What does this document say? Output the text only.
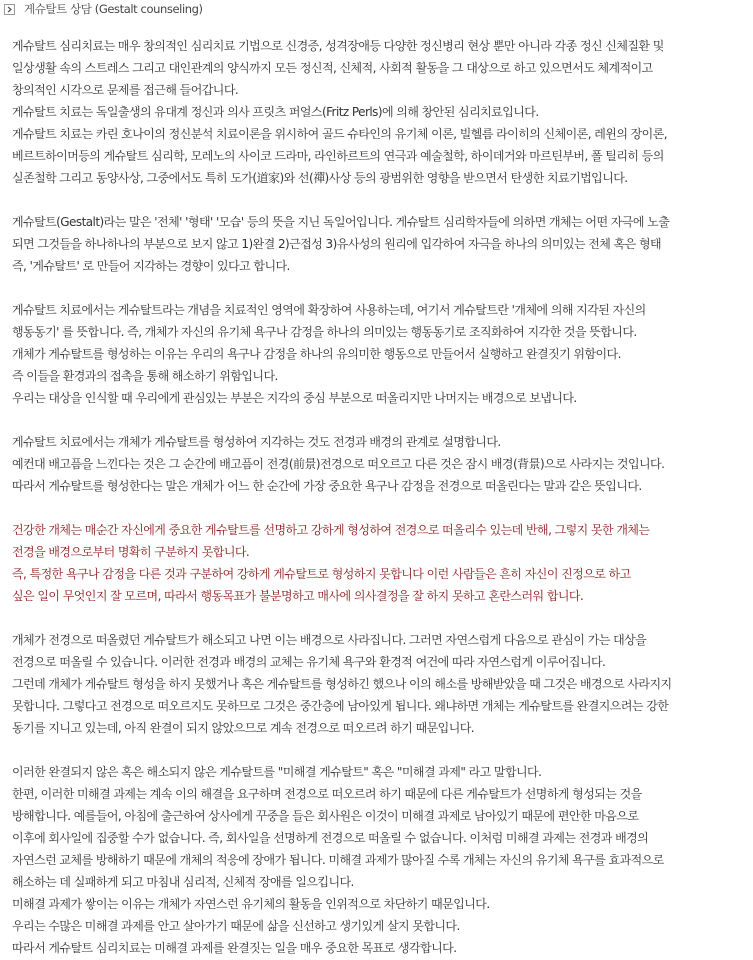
게슈탈트 상담 (Gestalt counseling)
게슈탈트 심리치료는 매우 창의적인 심리치료 기법으로 신경증, 성격장애등 다양한 정신병리 현상 뿐만 아니라 각종 정신 신체질환 및
일상생활 속의 스트레스 그리고 대인관계의 양식까지 모든 정신적, 신체적, 사회적 활동을 그 대상으로 하고 있으면서도 체계적이고
창의적인 시각으로 문제를 접근해 들어갑니다.
게슈탈트 치료는 독일출생의 유대계 정신과 의사 프릿츠 퍼얼스(Fritz Perls)에 의해 창안된 심리치료입니다.
게슈탈트 치료는 카린 호나이의 정신분석 치료이론을 위시하여 골드 슈타인의 유기체 이론, 빌헬름 라이히의 신체이론, 레윈의 장이론,
베르트하이머등의 게슈탈트 심리학, 모레노의 사이코 드라마, 라인하르트의 연극과 예술철학, 하이데거와 마르틴부버, 폴 틸리히 등의
실존철학 그리고 동양사상, 그중에서도 특히 도가(道家)와 선(禪)사상 등의 광범위한 영향을 받으면서 탄생한 치료기법입니다.
게슈탈트(Gestalt)라는 말은 '전체' '형태' '모습' 등의 뜻을 지닌 독일어입니다. 게슈탈트 심리학자들에 의하면 개체는 어떤 자극에 노출
되면 그것들을 하나하나의 부분으로 보지 않고 1)완결 2)근접성 3)유사성의 원리에 입각하여 자극을 하나의 의미있는 전체 혹은 형태
즉, '게슈탈트' 로 만들어 지각하는 경향이 있다고 합니다.
게슈탈트 치료에서는 게슈탈트라는 개념을 치료적인 영역에 확장하여 사용하는데, 여기서 게슈탈트란 '개체에 의해 지각된 자신의
행동동기' 를 뜻합니다. 즉, 개체가 자신의 유기체 욕구나 감정을 하나의 의미있는 행동동기로 조직화하여 지각한 것을 뜻합니다.
개체가 게슈탈트를 형성하는 이유는 우리의 욕구나 감정을 하나의 유의미한 행동으로 만들어서 실행하고 완결짓기 위함이다.
즉 이들을 환경과의 접촉을 통해 해소하기 위함입니다.
우리는 대상을 인식할 때 우리에게 관심있는 부분은 지각의 중심 부분으로 떠올리지만 나머지는 배경으로 보냅니다.
게슈탈트 치료에서는 개체가 게슈탈트를 형성하여 지각하는 것도 전경과 배경의 관계로 설명합니다.
예컨대 배고픔을 느낀다는 것은 그 순간에 배고픔이 전경(前景)전경으로 떠오르고 다른 것은 잠시 배경(背景)으로 사라지는 것입니다.
따라서 게슈탈트를 형성한다는 말은 개체가 어느 한 순간에 가장 중요한 욕구나 감정을 전경으로 떠올린다는 말과 같은 뜻입니다.
건강한 개체는 매순간 자신에게 중요한 게슈탈트를 선명하고 강하게 형성하여 전경으로 떠올리수 있는데 반해, 그렇지 못한 개체는
전경을 배경으로부터 명확히 구분하지 못합니다.
즉, 특정한 욕구나 감정을 다른 것과 구분하여 강하게 게슈탈트로 형성하지 못합니다 이런 사람들은 흔히 자신이 진정으로 하고
싶은 일이 무엇인지 잘 모르며, 따라서 행동목표가 불분명하고 매사에 의사결정을 잘 하지 못하고 혼란스러워 합니다.
개체가 전경으로 떠올렸던 게슈탈트가 해소되고 나면 이는 배경으로 사라집니다. 그러면 자연스럽게 다음으로 관심이 가는 대상을
전경으로 떠올릴 수 있습니다. 이러한 전경과 배경의 교체는 유기체 욕구와 환경적 여건에 따라 자연스럽게 이루어집니다.
그런데 개체가 게슈탈트 형성을 하지 못했거나 혹은 게슈탈트를 형성하긴 했으나 이의 해소를 방해받았을 때 그것은 배경으로 사라지지
못합니다. 그렇다고 전경으로 떠오르지도 못하므로 그것은 중간층에 남아있게 됩니다. 왜냐하면 개체는 게슈탈트를 완결지으려는 강한
동기를 지니고 있는데, 아직 완결이 되지 않았으므로 계속 전경으로 떠오르려 하기 때문입니다.
이러한 완결되지 않은 혹은 해소되지 않은 게슈탈트를 "미해결 게슈탈트" 혹은 "미해결 과제" 라고 말합니다.
한편, 이러한 미해결 과제는 계속 이의 해결을 요구하며 전경으로 떠오르려 하기 때문에 다른 게슈탈트가 선명하게 형성되는 것을
방해합니다. 예를들어, 아침에 출근하여 상사에게 꾸중을 들은 회사원은 이것이 미해결 과제로 남아있기 때문에 편안한 마음으로
이후에 회사일에 집중할 수가 없습니다. 즉, 회사일을 선명하게 전경으로 떠올릴 수 없습니다. 이처럼 미해결 과제는 전경과 배경의
자연스런 교체를 방해하기 때문에 개체의 적응에 장애가 됩니다. 미해결 과제가 많아질 수록 개체는 자신의 유기체 욕구를 효과적으로
해소하는 데 실패하게 되고 마침내 심리적, 신체적 장애를 일으킵니다.
미해결 과제가 쌓이는 이유는 개체가 자연스런 유기체의 활동을 인위적으로 차단하기 때문입니다.
우리는 수많은 미해결 과제를 안고 살아가기 때문에 삶을 신선하고 생기있게 살지 못합니다.
따라서 게슈탈트 심리치료는 미해결 과제를 완결짓는 일을 매우 중요한 목표로 생각합니다.
